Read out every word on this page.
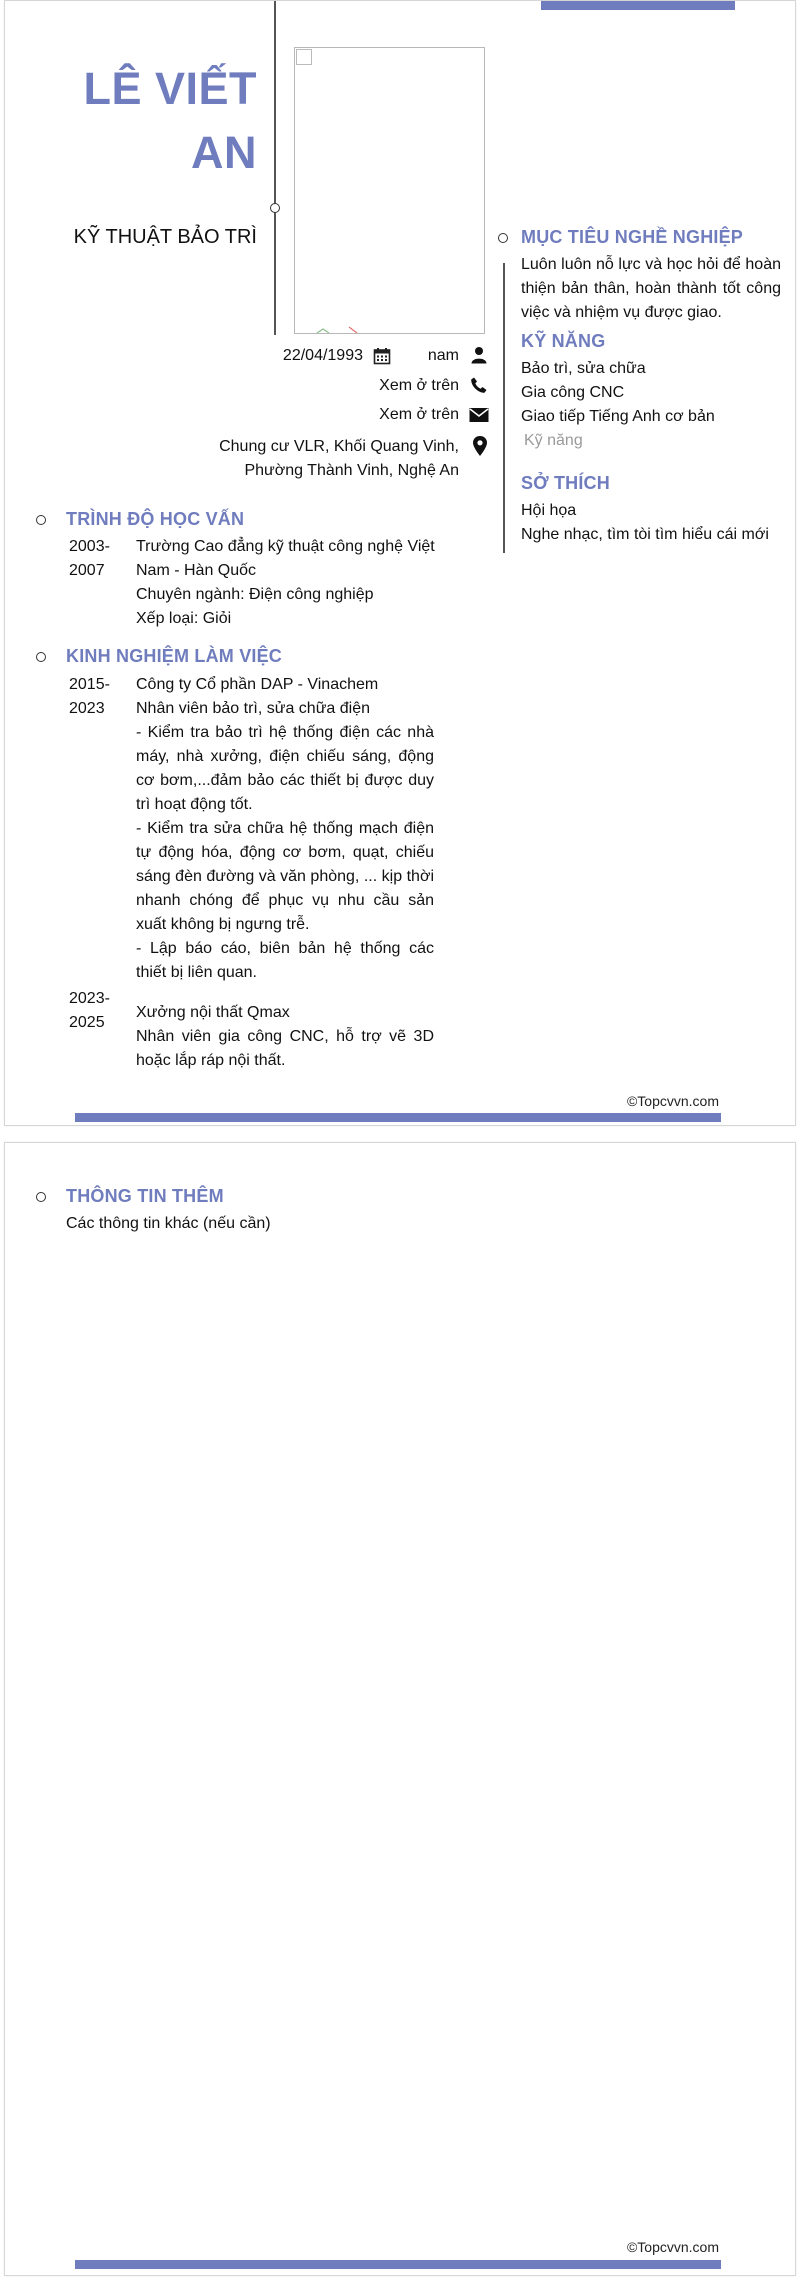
LÊ VIẾT
AN
KỸ THUẬT BẢO TRÌ
22/04/1993	nam
Xem ở trên
Xem ở trên
Chung cư VLR, Khối Quang Vinh,
Phường Thành Vinh, Nghệ An
MỤC TIÊU NGHỀ NGHIỆP
Luôn luôn nỗ lực và học hỏi để hoàn thiện bản thân, hoàn thành tốt công việc và nhiệm vụ được giao.
KỸ NĂNG
Bảo trì, sửa chữa
Gia công CNC
Giao tiếp Tiếng Anh cơ bản
Kỹ năng
SỞ THÍCH
Hội họa
Nghe nhạc, tìm tòi tìm hiểu cái mới
TRÌNH ĐỘ HỌC VẤN
2003-
2007
Trường Cao đẳng kỹ thuật công nghệ Việt Nam - Hàn Quốc
Chuyên ngành: Điện công nghiệp
Xếp loại: Giỏi
KINH NGHIỆM LÀM VIỆC
2015-
2023
Công ty Cổ phần DAP - Vinachem
Nhân viên bảo trì, sửa chữa điện
- Kiểm tra bảo trì hệ thống điện các nhà máy, nhà xưởng, điện chiếu sáng, động cơ bơm,...đảm bảo các thiết bị được duy trì hoạt động tốt.
- Kiểm tra sửa chữa hệ thống mạch điện tự động hóa, động cơ bơm, quạt, chiếu sáng đèn đường và văn phòng, ... kịp thời nhanh chóng để phục vụ nhu cầu sản xuất không bị ngưng trễ.
- Lập báo cáo, biên bản hệ thống các thiết bị liên quan.
2023-
2025
Xưởng nội thất Qmax
Nhân viên gia công CNC, hỗ trợ vẽ 3D hoặc lắp ráp nội thất.
©Topcvvn.com
THÔNG TIN THÊM
Các thông tin khác (nếu cần)
©Topcvvn.com
